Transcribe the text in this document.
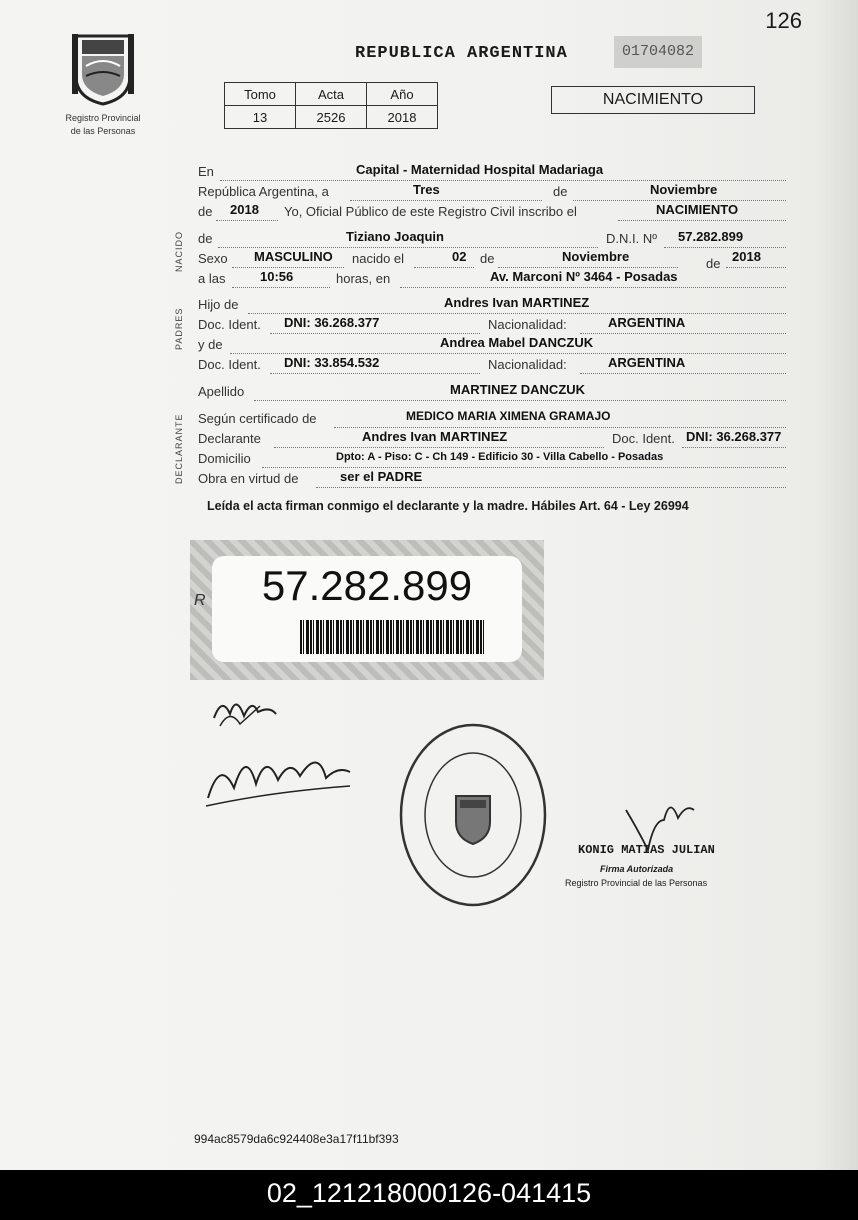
126
Registro Provincial
de las Personas
REPUBLICA ARGENTINA	01704082
Tomo	Acta	Año
13	2526	2018
NACIMIENTO
NACIDO
PADRES
DECLARANTE
En	Capital - Maternidad Hospital Madariaga
República Argentina, a	Tres	de	Noviembre
de 2018 Yo, Oficial Público de este Registro Civil inscribo el	NACIMIENTO
de	Tiziano Joaquin	D.N.I. Nº 57.282.899
Sexo MASCULINO nacido el	02 de	Noviembre	de 2018
a las	10:56	horas, en	Av. Marconi Nº 3464 - Posadas
Hijo de	Andres Ivan MARTINEZ
Doc. Ident. DNI: 36.268.377	Nacionalidad:	ARGENTINA
y de	Andrea Mabel DANCZUK
Doc. Ident. DNI: 33.854.532	Nacionalidad:	ARGENTINA
Apellido	MARTINEZ DANCZUK
Según certificado de	MEDICO MARIA XIMENA GRAMAJO
Declarante	Andres Ivan MARTINEZ	Doc. Ident. DNI: 36.268.377
Domicilio	Dpto: A - Piso: C - Ch 149 - Edificio 30 - Villa Cabello - Posadas
Obra en virtud de	ser el PADRE
Leída el acta firman conmigo el declarante y la madre. Hábiles Art. 64 - Ley 26994
R	57.282.899
KONIG MATIAS JULIAN
Firma Autorizada
Registro Provincial de las Personas
994ac8579da6c924408e3a17f11bf393
02_121218000126-041415
